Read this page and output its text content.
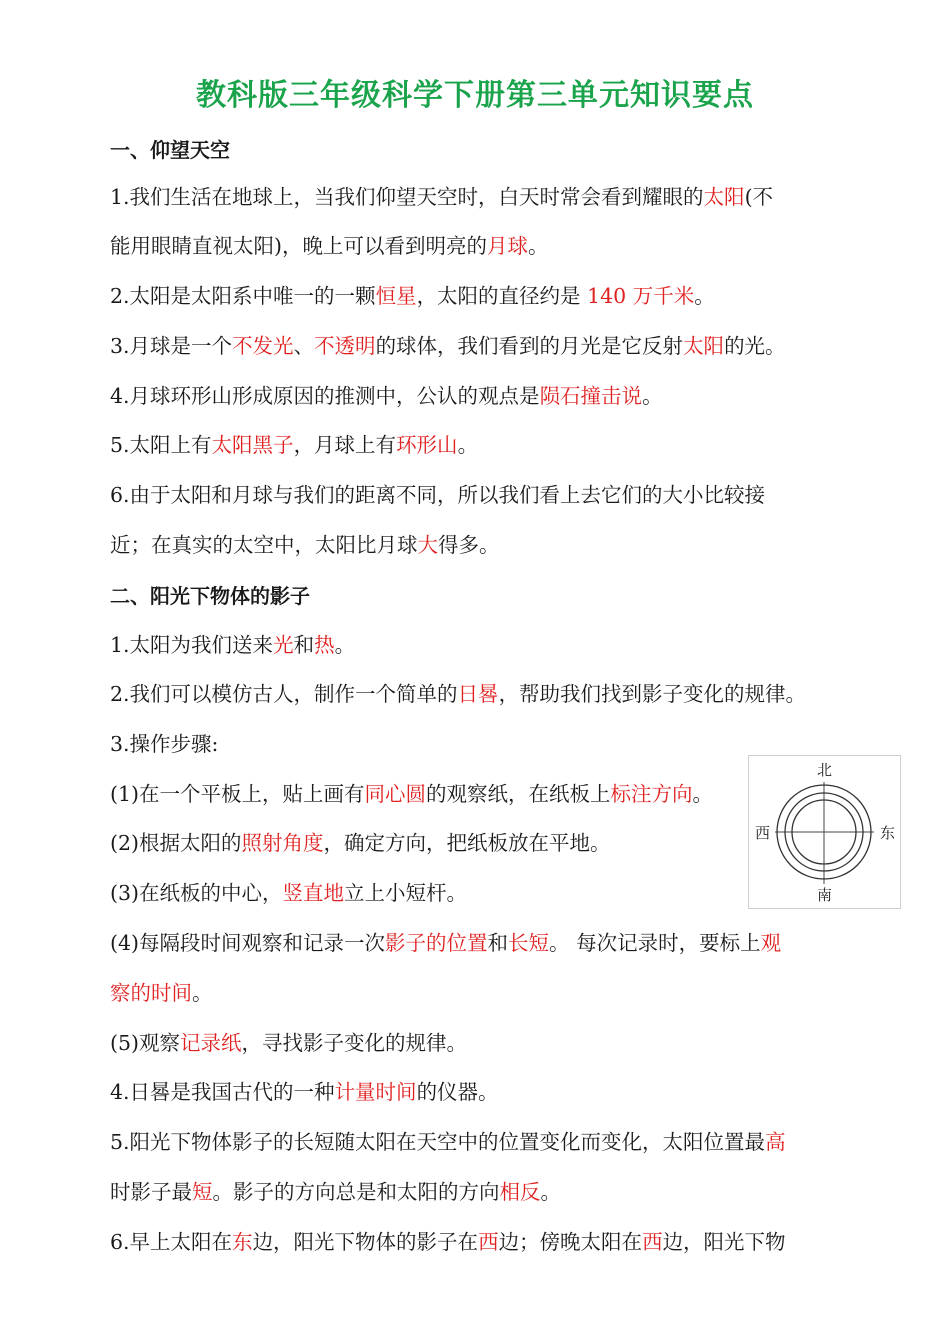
教科版三年级科学下册第三单元知识要点
一、仰望天空
二、阳光下物体的影子
1.我们生活在地球上，当我们仰望天空时，白天时常会看到耀眼的太阳(不
能用眼睛直视太阳)，晚上可以看到明亮的月球。
2.太阳是太阳系中唯一的一颗恒星，太阳的直径约是 140 万千米。
3.月球是一个不发光、不透明的球体，我们看到的月光是它反射太阳的光。
4.月球环形山形成原因的推测中，公认的观点是陨石撞击说。
5.太阳上有太阳黑子，月球上有环形山。
6.由于太阳和月球与我们的距离不同，所以我们看上去它们的大小比较接
近；在真实的太空中，太阳比月球大得多。
1.太阳为我们送来光和热。
2.我们可以模仿古人，制作一个简单的日晷，帮助我们找到影子变化的规律。
3.操作步骤:
(1)在一个平板上，贴上画有同心圆的观察纸，在纸板上标注方向。
(2)根据太阳的照射角度，确定方向，把纸板放在平地。
(3)在纸板的中心，竖直地立上小短杆。
(4)每隔段时间观察和记录一次影子的位置和长短。 每次记录时，要标上观
察的时间。
(5)观察记录纸，寻找影子变化的规律。
4.日晷是我国古代的一种计量时间的仪器。
5.阳光下物体影子的长短随太阳在天空中的位置变化而变化，太阳位置最高
时影子最短。影子的方向总是和太阳的方向相反。
6.早上太阳在东边，阳光下物体的影子在西边；傍晚太阳在西边，阳光下物
北
南
西	东
